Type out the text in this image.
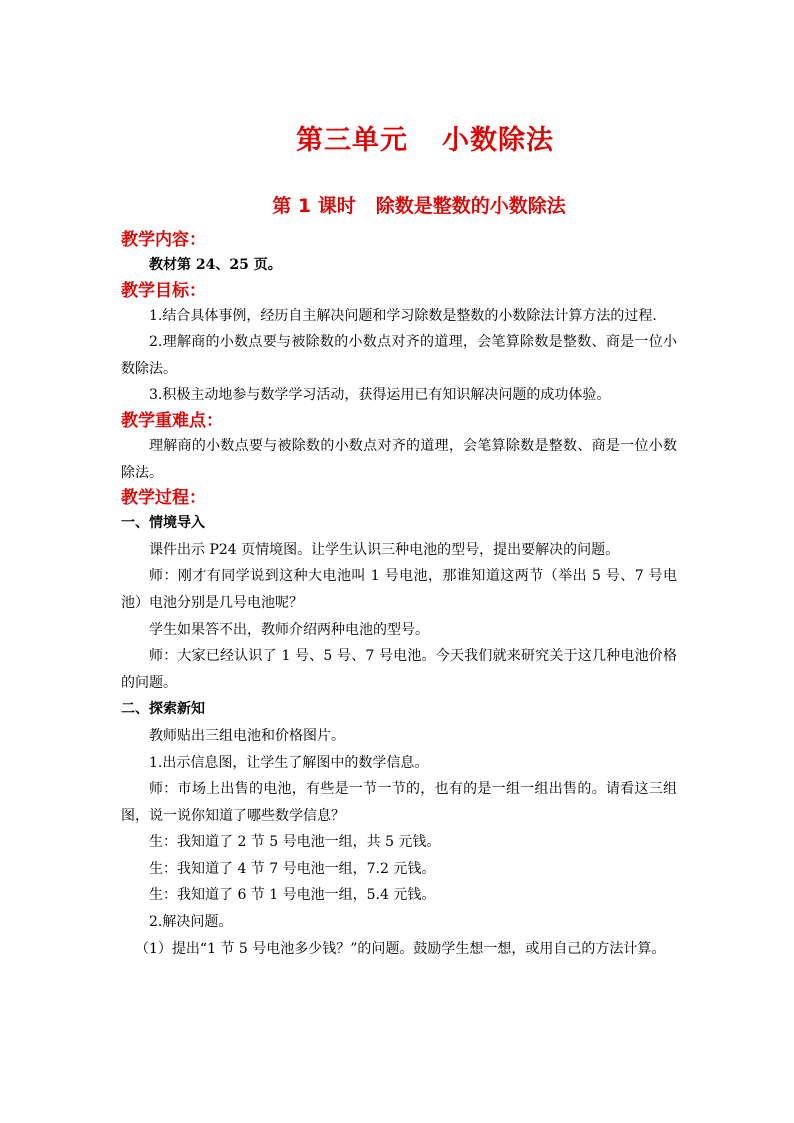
第三单元 小数除法
第 1 课时 除数是整数的小数除法

教学内容：

教材第 24、25 页。

教学目标：

1.结合具体事例，经历自主解决问题和学习除数是整数的小数除法计算方法的过程.

2.理解商的小数点要与被除数的小数点对齐的道理，会笔算除数是整数、商是一位小数除法。

3.积极主动地参与数学学习活动，获得运用已有知识解决问题的成功体验。

教学重难点：

理解商的小数点要与被除数的小数点对齐的道理，会笔算除数是整数、商是一位小数除法。

教学过程：

一、情境导入

课件出示 P24 页情境图。让学生认识三种电池的型号，提出要解决的问题。

师：刚才有同学说到这种大电池叫 1 号电池，那谁知道这两节（举出 5 号、7 号电池）电池分别是几号电池呢？

学生如果答不出，教师介绍两种电池的型号。

师：大家已经认识了 1 号、5 号、7 号电池。今天我们就来研究关于这几种电池价格的问题。

二、探索新知

教师贴出三组电池和价格图片。

1.出示信息图，让学生了解图中的数学信息。

师：市场上出售的电池，有些是一节一节的，也有的是一组一组出售的。请看这三组图，说一说你知道了哪些数学信息？

生：我知道了 2 节 5 号电池一组，共 5 元钱。

生：我知道了 4 节 7 号电池一组，7.2 元钱。

生：我知道了 6 节 1 号电池一组，5.4 元钱。

2.解决问题。

（1）提出“1 节 5 号电池多少钱？”的问题。鼓励学生想一想，或用自己的方法计算。
